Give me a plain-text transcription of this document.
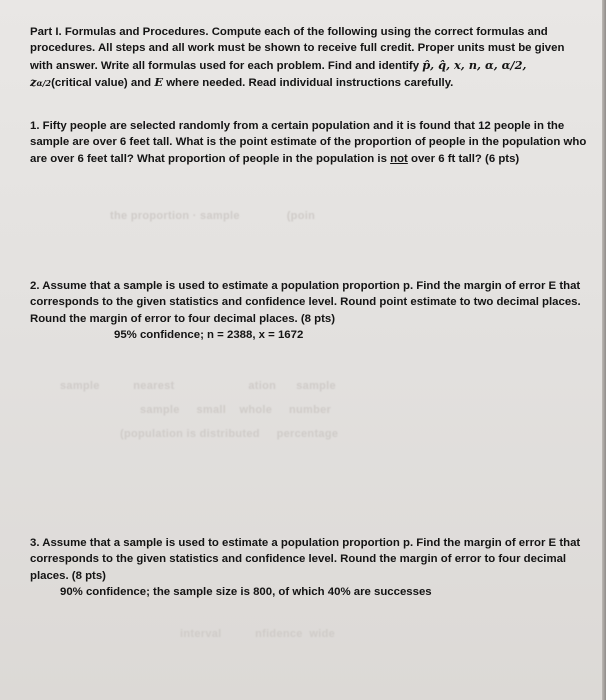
the proportion · sample              (poin
sample          nearest                      ation      sample
sample     small    whole     number
(population is distributed     percentage
interval          nfidence  wide

Part I. Formulas and Procedures. Compute each of the following using the correct formulas and procedures. All steps and all work must be shown to receive full credit. Proper units must be given with answer. Write all formulas used for each problem. Find and identify p̂, q̂, x, n, α, α/2, zα/2(critical value) and E where needed. Read individual instructions carefully.

1. Fifty people are selected randomly from a certain population and it is found that 12 people in the sample are over 6 feet tall. What is the point estimate of the proportion of people in the population who are over 6 feet tall? What proportion of people in the population is not over 6 ft tall? (6 pts)

2. Assume that a sample is used to estimate a population proportion p. Find the margin of error E that corresponds to the given statistics and confidence level. Round point estimate to two decimal places. Round the margin of error to four decimal places. (8 pts)

95% confidence; n = 2388, x = 1672

3. Assume that a sample is used to estimate a population proportion p. Find the margin of error E that corresponds to the given statistics and confidence level. Round the margin of error to four decimal places. (8 pts)

90% confidence; the sample size is 800, of which 40% are successes
